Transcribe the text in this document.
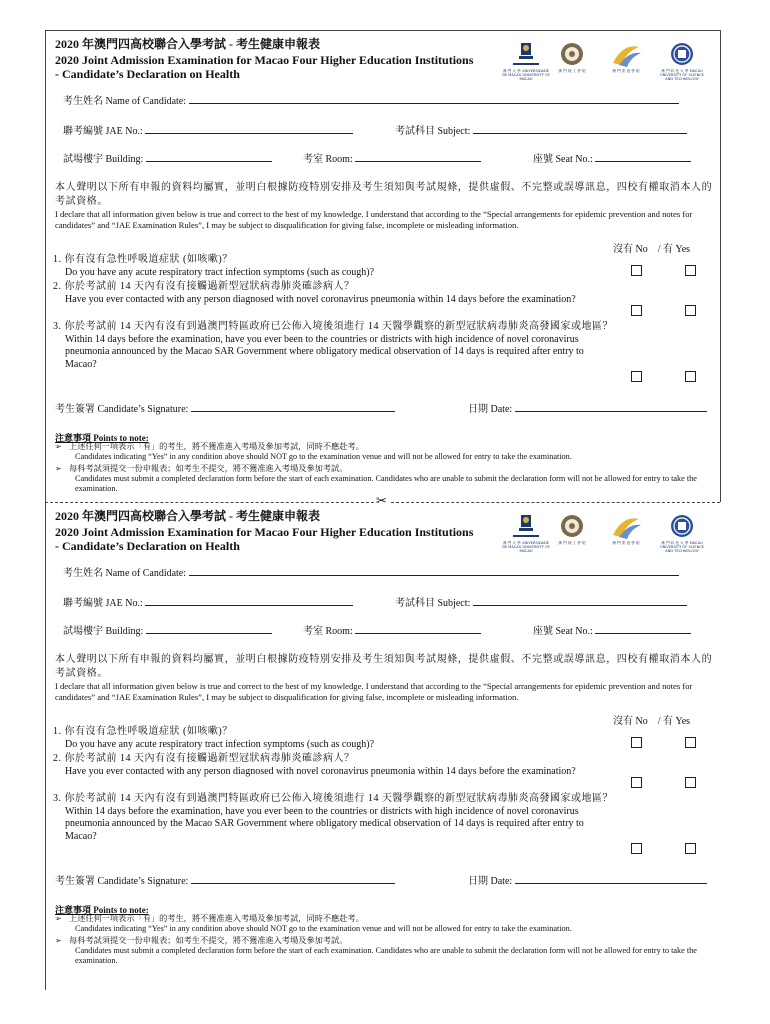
✂
2020 年澳門四高校聯合入學考試 - 考生健康申報表
2020 Joint Admission Examination for Macao Four Higher Education Institutions - Candidate’s Declaration on Health	澳 門 大 學 UNIVERSIDADE DE MACAU UNIVERSITY OF MACAU
澳 門 理 工 學 院	澳 門 旅 遊 學 院	澳 門 科 技 大 學 MACAU UNIVERSITY OF SCIENCE AND TECHNOLOGY
考生姓名 Name of Candidate:
聯考編號 JAE No.:	考試科目 Subject:
試場樓宇 Building:	考室 Room:	座號 Seat No.:
本人聲明以下所有申報的資料均屬實，並明白根據防疫特別安排及考生須知與考試規條，提供虛假、不完整或誤導訊息，四校有權取消本人的考試資格。
I declare that all information given below is true and correct to the best of my knowledge. I understand that according to the “Special arrangements for epidemic prevention and notes for candidates” and “JAE Examination Rules”, I may be subject to disqualification for giving false, incomplete or misleading information.
沒有 No　/ 有 Yes
1. 你有沒有急性呼吸道症狀 (如咳嗽)？
Do you have any acute respiratory tract infection symptoms (such as cough)?
2. 你於考試前 14 天內有沒有接觸過新型冠狀病毒肺炎確診病人？
Have you ever contacted with any person diagnosed with novel coronavirus pneumonia within 14 days before the examination?
3. 你於考試前 14 天內有沒有到過澳門特區政府已公佈入境後須進行 14 天醫學觀察的新型冠狀病毒肺炎高發國家或地區？
Within 14 days before the examination, have you ever been to the countries or districts with high incidence of novel coronavirus pneumonia announced by the Macao SAR Government where obligatory medical observation of 14 days is required after entry to Macao?
考生簽署 Candidate’s Signature:	日期 Date:
注意事項 Points to note:
➢ 上述任何一項表示「有」的考生，將不獲准進入考場及參加考試，同時不應赴考。
Candidates indicating “Yes” in any condition above should NOT go to the examination venue and will not be allowed for entry to take the examination.
➢ 每科考試須提交一份申報表；如考生不提交，將不獲准進入考場及參加考試。
Candidates must submit a completed declaration form before the start of each examination. Candidates who are unable to submit the declaration form will not be allowed for entry to take the examination.
2020 年澳門四高校聯合入學考試 - 考生健康申報表
2020 Joint Admission Examination for Macao Four Higher Education Institutions - Candidate’s Declaration on Health	澳 門 大 學 UNIVERSIDADE DE MACAU UNIVERSITY OF MACAU
澳 門 理 工 學 院	澳 門 旅 遊 學 院	澳 門 科 技 大 學 MACAU UNIVERSITY OF SCIENCE AND TECHNOLOGY
考生姓名 Name of Candidate:
聯考編號 JAE No.:	考試科目 Subject:
試場樓宇 Building:	考室 Room:	座號 Seat No.:
本人聲明以下所有申報的資料均屬實，並明白根據防疫特別安排及考生須知與考試規條，提供虛假、不完整或誤導訊息，四校有權取消本人的考試資格。
I declare that all information given below is true and correct to the best of my knowledge. I understand that according to the “Special arrangements for epidemic prevention and notes for candidates” and “JAE Examination Rules”, I may be subject to disqualification for giving false, incomplete or misleading information.
沒有 No　/ 有 Yes
1. 你有沒有急性呼吸道症狀 (如咳嗽)？
Do you have any acute respiratory tract infection symptoms (such as cough)?
2. 你於考試前 14 天內有沒有接觸過新型冠狀病毒肺炎確診病人？
Have you ever contacted with any person diagnosed with novel coronavirus pneumonia within 14 days before the examination?
3. 你於考試前 14 天內有沒有到過澳門特區政府已公佈入境後須進行 14 天醫學觀察的新型冠狀病毒肺炎高發國家或地區？
Within 14 days before the examination, have you ever been to the countries or districts with high incidence of novel coronavirus pneumonia announced by the Macao SAR Government where obligatory medical observation of 14 days is required after entry to Macao?
考生簽署 Candidate’s Signature:	日期 Date:
注意事項 Points to note:
➢ 上述任何一項表示「有」的考生，將不獲准進入考場及參加考試，同時不應赴考。
Candidates indicating “Yes” in any condition above should NOT go to the examination venue and will not be allowed for entry to take the examination.
➢ 每科考試須提交一份申報表；如考生不提交，將不獲准進入考場及參加考試。
Candidates must submit a completed declaration form before the start of each examination. Candidates who are unable to submit the declaration form will not be allowed for entry to take the examination.
